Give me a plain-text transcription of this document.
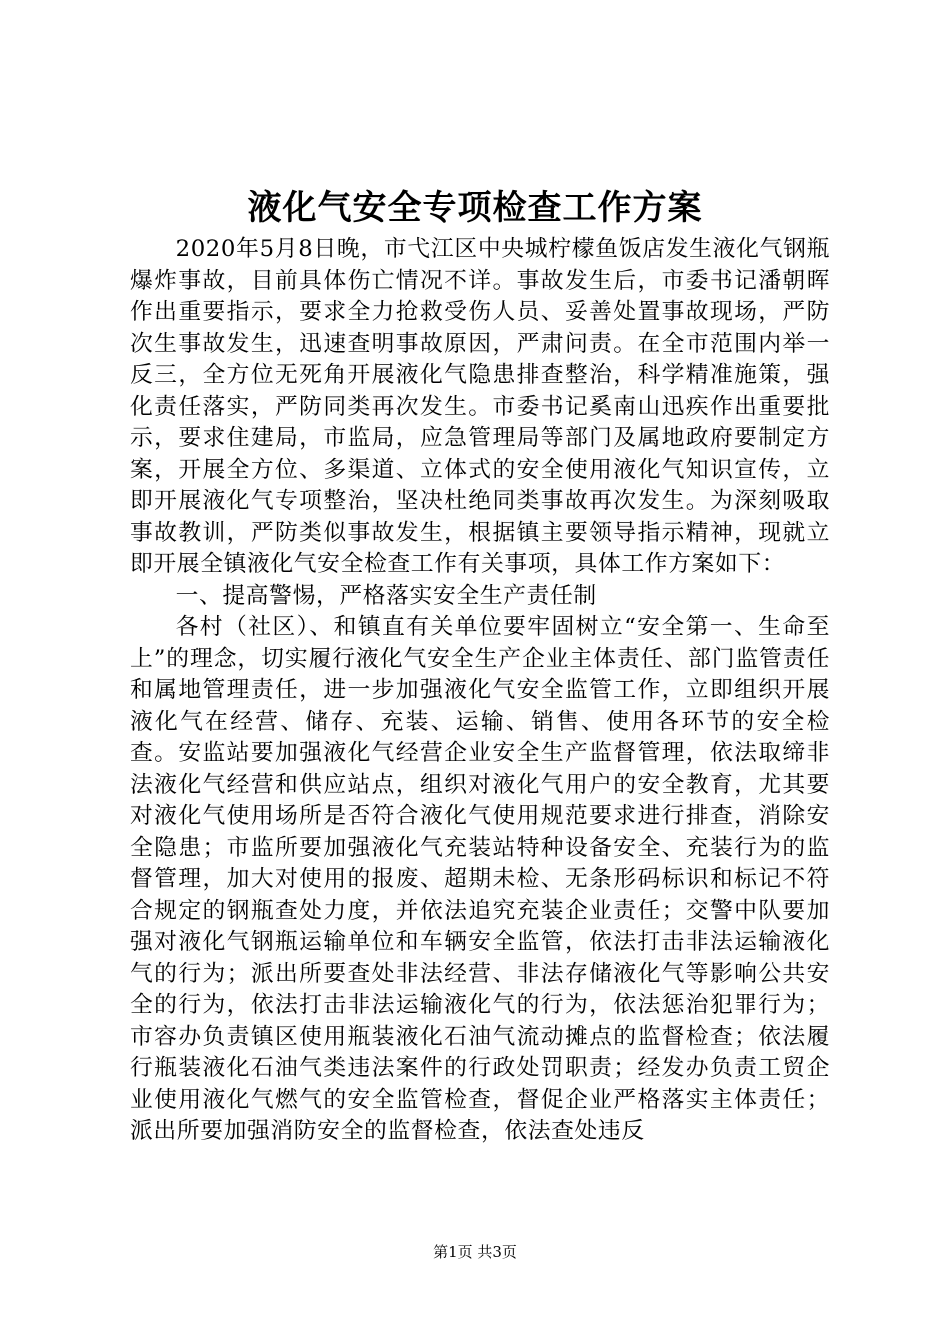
液化气安全专项检查工作方案

2020年5月8日晚，市弋江区中央城柠檬鱼饭店发生液化气钢瓶爆炸事故，目前具体伤亡情况不详。事故发生后，市委书记潘朝晖作出重要指示，要求全力抢救受伤人员、妥善处置事故现场，严防次生事故发生，迅速查明事故原因，严肃问责。在全市范围内举一反三，全方位无死角开展液化气隐患排查整治，科学精准施策，强化责任落实，严防同类再次发生。市委书记奚南山迅疾作出重要批示，要求住建局，市监局，应急管理局等部门及属地政府要制定方案，开展全方位、多渠道、立体式的安全使用液化气知识宣传，立即开展液化气专项整治，坚决杜绝同类事故再次发生。为深刻吸取事故教训，严防类似事故发生，根据镇主要领导指示精神，现就立即开展全镇液化气安全检查工作有关事项，具体工作方案如下：

一、提高警惕，严格落实安全生产责任制

各村（社区）、和镇直有关单位要牢固树立“安全第一、生命至上”的理念，切实履行液化气安全生产企业主体责任、部门监管责任和属地管理责任，进一步加强液化气安全监管工作，立即组织开展液化气在经营、储存、充装、运输、销售、使用各环节的安全检查。安监站要加强液化气经营企业安全生产监督管理，依法取缔非法液化气经营和供应站点，组织对液化气用户的安全教育，尤其要对液化气使用场所是否符合液化气使用规范要求进行排查，消除安全隐患；市监所要加强液化气充装站特种设备安全、充装行为的监督管理，加大对使用的报废、超期未检、无条形码标识和标记不符合规定的钢瓶查处力度，并依法追究充装企业责任；交警中队要加强对液化气钢瓶运输单位和车辆安全监管，依法打击非法运输液化气的行为；派出所要查处非法经营、非法存储液化气等影响公共安全的行为，依法打击非法运输液化气的行为，依法惩治犯罪行为；市容办负责镇区使用瓶装液化石油气流动摊点的监督检查；依法履行瓶装液化石油气类违法案件的行政处罚职责；经发办负责工贸企业使用液化气燃气的安全监管检查，督促企业严格落实主体责任；派出所要加强消防安全的监督检查，依法查处违反

第1页 共3页
